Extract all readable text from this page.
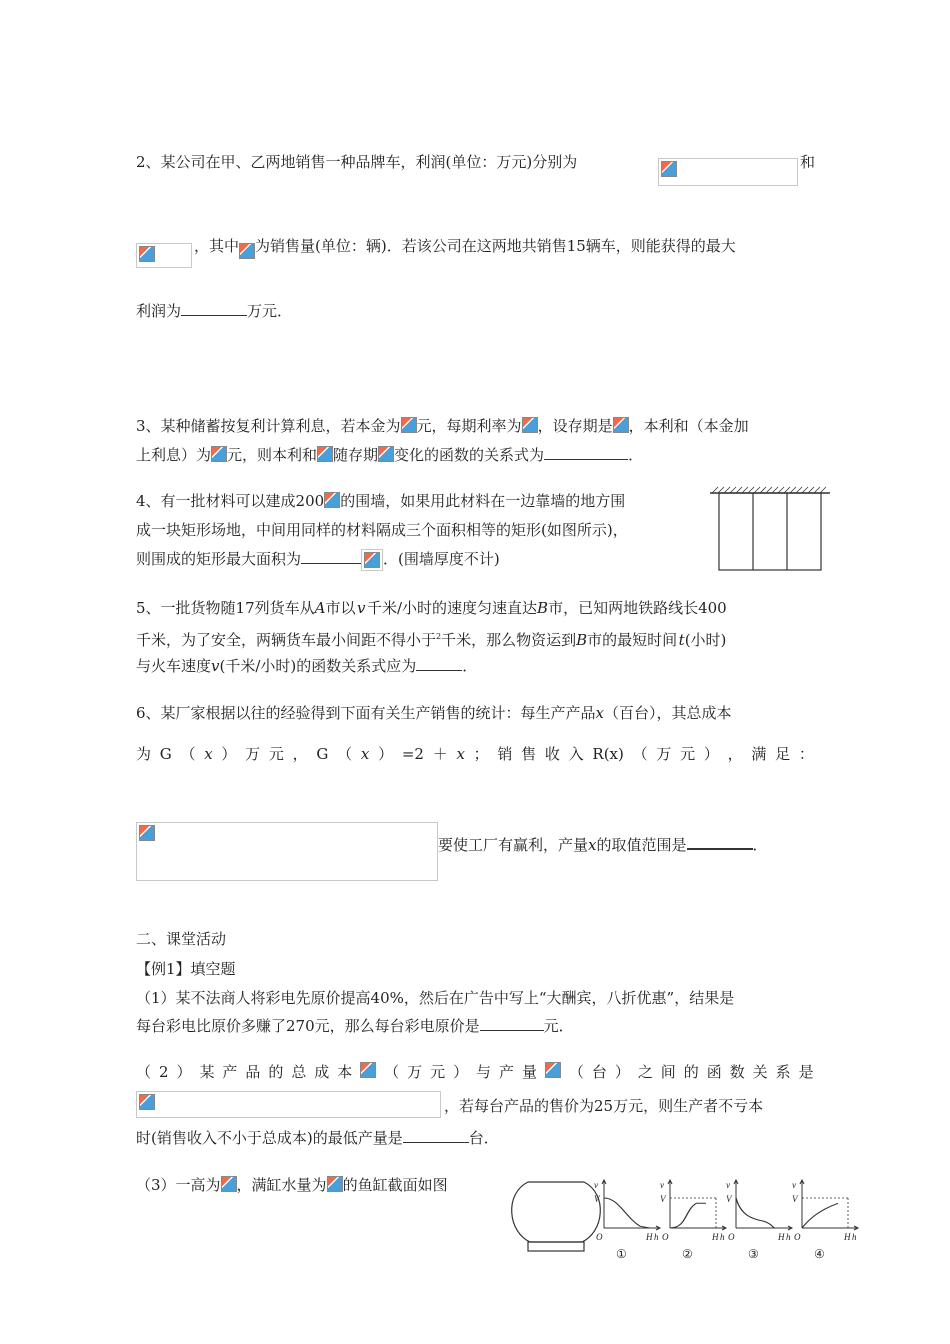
2、某公司在甲、乙两地销售一种品牌车，利润(单位：万元)分别为	和
，其中 为销售量(单位：辆)．若该公司在这两地共销售15辆车，则能获得的最大
利润为	万元．
3、某种储蓄按复利计算利息，若本金为 元，每期利率为 ，设存期是 ，本利和（本金加
上利息）为 元，则本利和 随存期 变化的函数的关系式为	．
4、有一批材料可以建成200 的围墙，如果用此材料在一边靠墙的地方围
成一块矩形场地，中间用同样的材料隔成三个面积相等的矩形(如图所示)，
则围成的矩形最大面积为	．(围墙厚度不计)
5、一批货物随17列货车从A市以  v  千米/小时的速度匀速直达B市，已知两地铁路线长400
千米，为了安全，两辆货车最小间距不得小于$^2$千米，那么物资运到B市的最短时间  t(小时)
与火车速度v(千米/小时)的函数关系式应为	．
6、某厂家根据以往的经验得到下面有关生产销售的统计：每生产产品x（百台），其总成本
为 G （ x ） 万 元 ， G （ x ） =2 ＋ x ； 销 售 收 入 R(x) （ 万 元 ） ， 满 足 ：
要使工厂有赢利，产量x的取值范围是	．
二、课堂活动
【例1】填空题
（1）某不法商人将彩电先原价提高40%，然后在广告中写上“大酬宾，八折优惠”，结果是
每台彩电比原价多赚了270元，那么每台彩电原价是	元．
（ 2 ） 某 产 品 的 总 成 本 （ 万 元 ） 与 产 量 （ 台 ） 之 间 的 函 数 关 系 是
，若每台产品的售价为25万元，则生产者不亏本
时(销售收入不小于总成本)的最低产量是	台．
（3）一高为 ，满缸水量为 的鱼缸截面如图	v
V
O	H h
①
v
V
O	H h
②
v
V
O	H h
③
v
V
O	H h
④
